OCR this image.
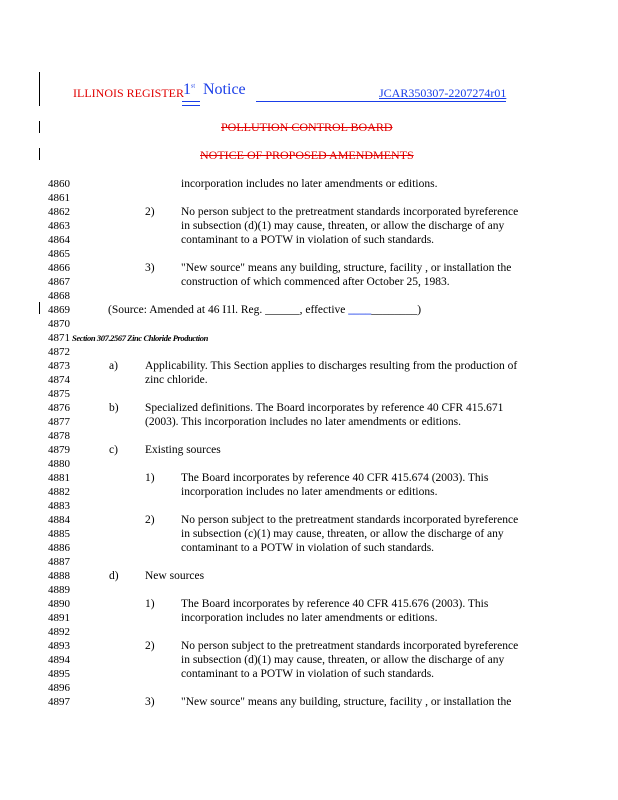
ILLINOIS REGISTER 1st Notice	JCAR350307-2207274r01
POLLUTION CONTROL BOARD
NOTICE OF PROPOSED AMENDMENTS
4860
4861
4862
4863
4864
4865
4866
4867
4868
4869
4870
4871
4872
4873
4874
4875
4876
4877
4878
4879
4880
4881
4882
4883
4884
4885
4886
4887
4888
4889
4890
4891
4892
4893
4894
4895
4896
4897
incorporation includes no later amendments or editions.
2) No person subject to the pretreatment standards incorporated byreference
in subsection (d)(1) may cause, threaten, or allow the discharge of any
contaminant to a POTW in violation of such standards.
3) "New source" means any building, structure, facility , or installation the
construction of which commenced after October 25, 1983.
(Source: Amended at 46 I1l. Reg. ______, effective ____________)
Section 307.2567 Zinc Chloride Production
a) Applicability. This Section applies to discharges resulting from the production of
zinc chloride.
b) Specialized definitions. The Board incorporates by reference 40 CFR 415.671
(2003). This incorporation includes no later amendments or editions.
c) Existing sources
1) The Board incorporates by reference 40 CFR 415.674 (2003). This
incorporation includes no later amendments or editions.
2) No person subject to the pretreatment standards incorporated byreference
in subsection (c)(1) may cause, threaten, or allow the discharge of any
contaminant to a POTW in violation of such standards.
d) New sources
1) The Board incorporates by reference 40 CFR 415.676 (2003). This
incorporation includes no later amendments or editions.
2) No person subject to the pretreatment standards incorporated byreference
in subsection (d)(1) may cause, threaten, or allow the discharge of any
contaminant to a POTW in violation of such standards.
3) "New source" means any building, structure, facility , or installation the
